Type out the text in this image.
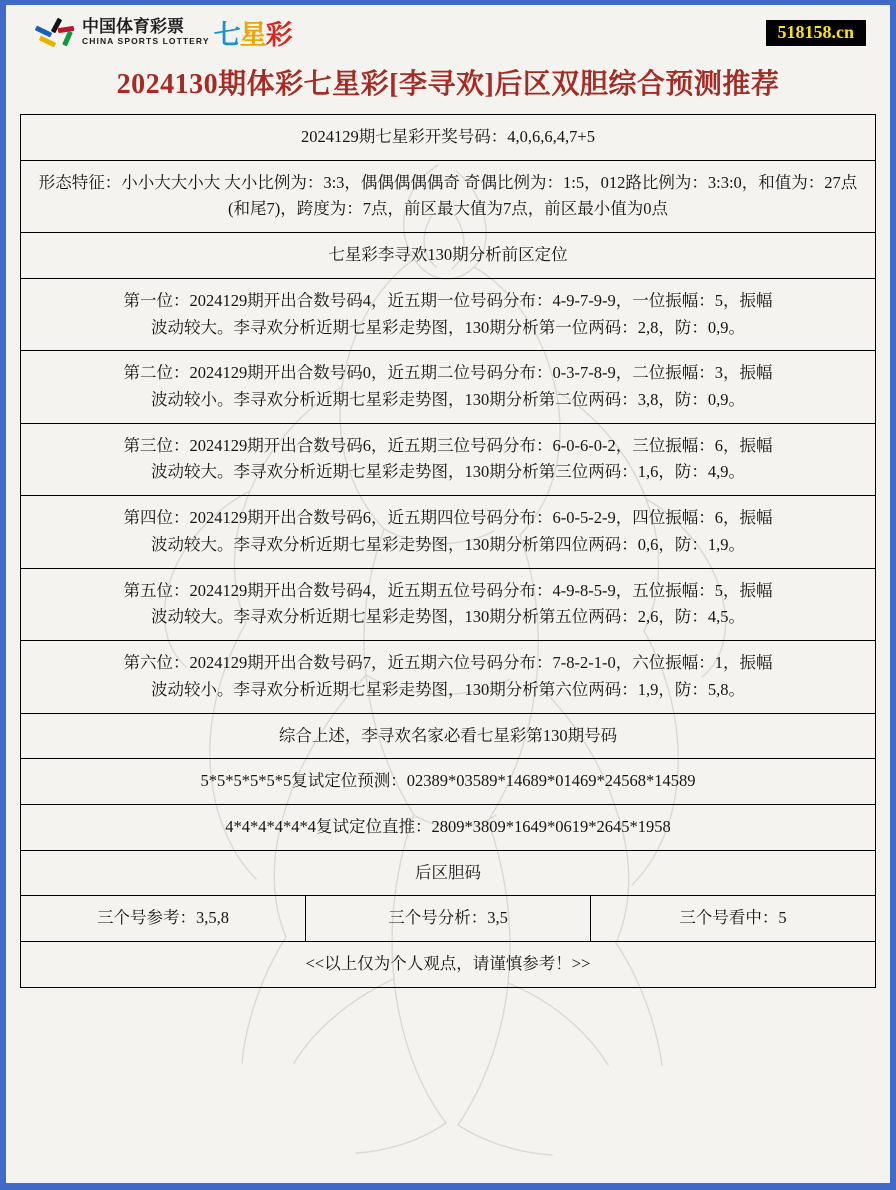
中国体育彩票
CHINA SPORTS LOTTERY 七星彩	518158.cn
2024130期体彩七星彩[李寻欢]后区双胆综合预测推荐
2024129期七星彩开奖号码：4,0,6,6,4,7+5
形态特征：小小大大小大 大小比例为：3:3，偶偶偶偶偶奇 奇偶比例为：1:5，012路比例为：3:3:0，和值为：27点(和尾7)，跨度为：7点，前区最大值为7点，前区最小值为0点
七星彩李寻欢130期分析前区定位
第一位：2024129期开出合数号码4，近五期一位号码分布：4-9-7-9-9，一位振幅：5，振幅
波动较大。李寻欢分析近期七星彩走势图，130期分析第一位两码：2,8，防：0,9。
第二位：2024129期开出合数号码0，近五期二位号码分布：0-3-7-8-9，二位振幅：3，振幅
波动较小。李寻欢分析近期七星彩走势图，130期分析第二位两码：3,8，防：0,9。
第三位：2024129期开出合数号码6，近五期三位号码分布：6-0-6-0-2，三位振幅：6，振幅
波动较大。李寻欢分析近期七星彩走势图，130期分析第三位两码：1,6，防：4,9。
第四位：2024129期开出合数号码6，近五期四位号码分布：6-0-5-2-9，四位振幅：6，振幅
波动较大。李寻欢分析近期七星彩走势图，130期分析第四位两码：0,6，防：1,9。
第五位：2024129期开出合数号码4，近五期五位号码分布：4-9-8-5-9，五位振幅：5，振幅
波动较大。李寻欢分析近期七星彩走势图，130期分析第五位两码：2,6，防：4,5。
第六位：2024129期开出合数号码7，近五期六位号码分布：7-8-2-1-0，六位振幅：1，振幅
波动较小。李寻欢分析近期七星彩走势图，130期分析第六位两码：1,9，防：5,8。
综合上述，李寻欢名家必看七星彩第130期号码
5*5*5*5*5*5复试定位预测：02389*03589*14689*01469*24568*14589
4*4*4*4*4*4复试定位直推：2809*3809*1649*0619*2645*1958
后区胆码
三个号参考：3,5,8	三个号分析：3,5	三个号看中：5
<<以上仅为个人观点，请谨慎参考！>>
